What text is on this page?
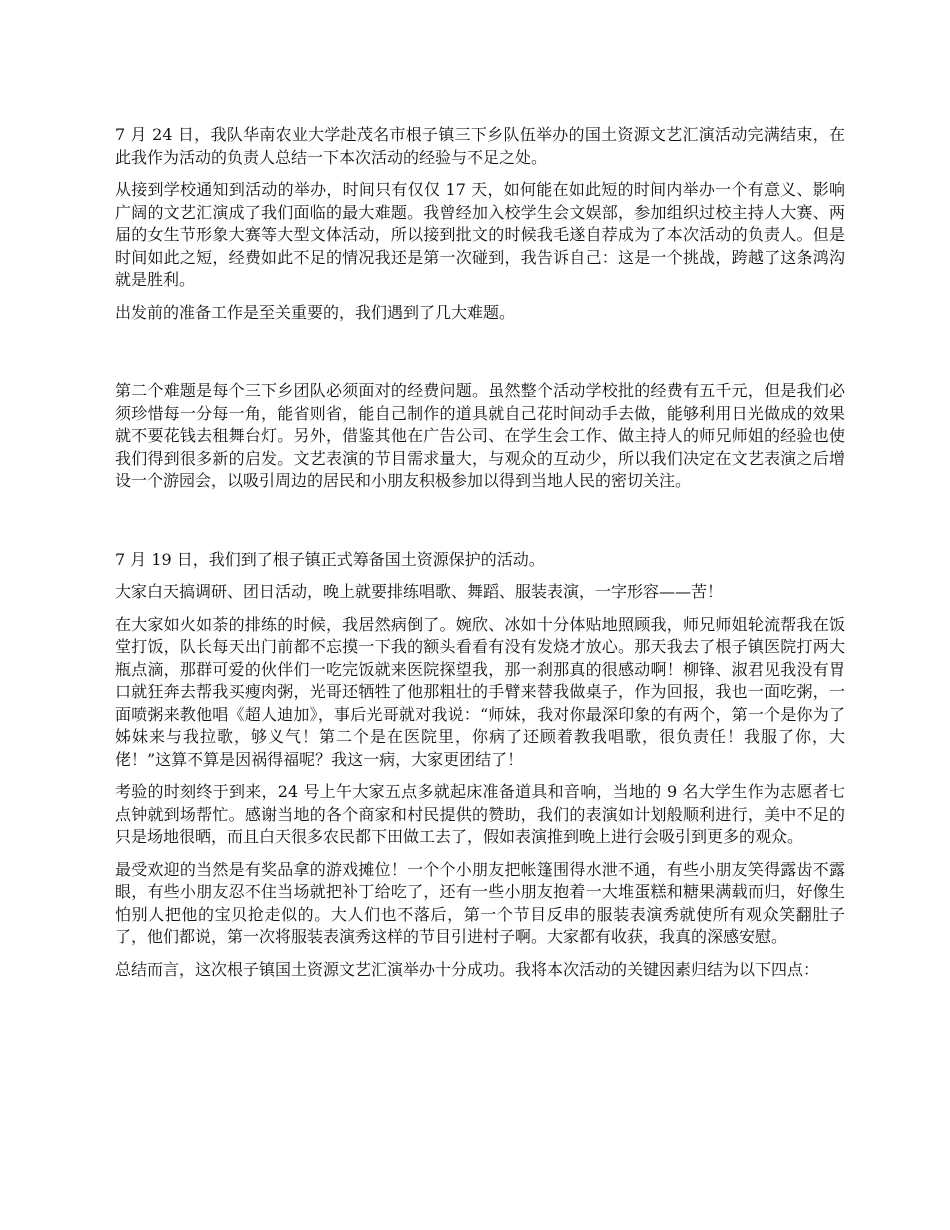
7 月 24 日，我队华南农业大学赴茂名市根子镇三下乡队伍举办的国土资源文艺汇演活动完满结束，在此我作为活动的负责人总结一下本次活动的经验与不足之处。

从接到学校通知到活动的举办，时间只有仅仅 17 天，如何能在如此短的时间内举办一个有意义、影响广阔的文艺汇演成了我们面临的最大难题。我曾经加入校学生会文娱部，参加组织过校主持人大赛、两届的女生节形象大赛等大型文体活动，所以接到批文的时候我毛遂自荐成为了本次活动的负责人。但是时间如此之短，经费如此不足的情况我还是第一次碰到，我告诉自己：这是一个挑战，跨越了这条鸿沟就是胜利。

出发前的准备工作是至关重要的，我们遇到了几大难题。

第二个难题是每个三下乡团队必须面对的经费问题。虽然整个活动学校批的经费有五千元，但是我们必须珍惜每一分每一角，能省则省，能自己制作的道具就自己花时间动手去做，能够利用日光做成的效果就不要花钱去租舞台灯。另外，借鉴其他在广告公司、在学生会工作、做主持人的师兄师姐的经验也使我们得到很多新的启发。文艺表演的节目需求量大，与观众的互动少，所以我们决定在文艺表演之后增设一个游园会，以吸引周边的居民和小朋友积极参加以得到当地人民的密切关注。

7 月 19 日，我们到了根子镇正式筹备国土资源保护的活动。

大家白天搞调研、团日活动，晚上就要排练唱歌、舞蹈、服装表演，一字形容——苦！

在大家如火如荼的排练的时候，我居然病倒了。婉欣、冰如十分体贴地照顾我，师兄师姐轮流帮我在饭堂打饭，队长每天出门前都不忘摸一下我的额头看看有没有发烧才放心。那天我去了根子镇医院打两大瓶点滴，那群可爱的伙伴们一吃完饭就来医院探望我，那一刹那真的很感动啊！柳锋、淑君见我没有胃口就狂奔去帮我买瘦肉粥，光哥还牺牲了他那粗壮的手臂来替我做桌子，作为回报，我也一面吃粥，一面喷粥来教他唱《超人迪加》，事后光哥就对我说：“师妹，我对你最深印象的有两个，第一个是你为了姊妹来与我拉歌，够义气！第二个是在医院里，你病了还顾着教我唱歌，很负责任！我服了你，大佬！”这算不算是因祸得福呢？我这一病，大家更团结了！

考验的时刻终于到来，24 号上午大家五点多就起床准备道具和音响，当地的 9 名大学生作为志愿者七点钟就到场帮忙。感谢当地的各个商家和村民提供的赞助，我们的表演如计划般顺利进行，美中不足的只是场地很晒，而且白天很多农民都下田做工去了，假如表演推到晚上进行会吸引到更多的观众。

最受欢迎的当然是有奖品拿的游戏摊位！一个个小朋友把帐篷围得水泄不通，有些小朋友笑得露齿不露眼，有些小朋友忍不住当场就把补丁给吃了，还有一些小朋友抱着一大堆蛋糕和糖果满载而归，好像生怕别人把他的宝贝抢走似的。大人们也不落后，第一个节目反串的服装表演秀就使所有观众笑翻肚子了，他们都说，第一次将服装表演秀这样的节目引进村子啊。大家都有收获，我真的深感安慰。

总结而言，这次根子镇国土资源文艺汇演举办十分成功。我将本次活动的关键因素归结为以下四点：
